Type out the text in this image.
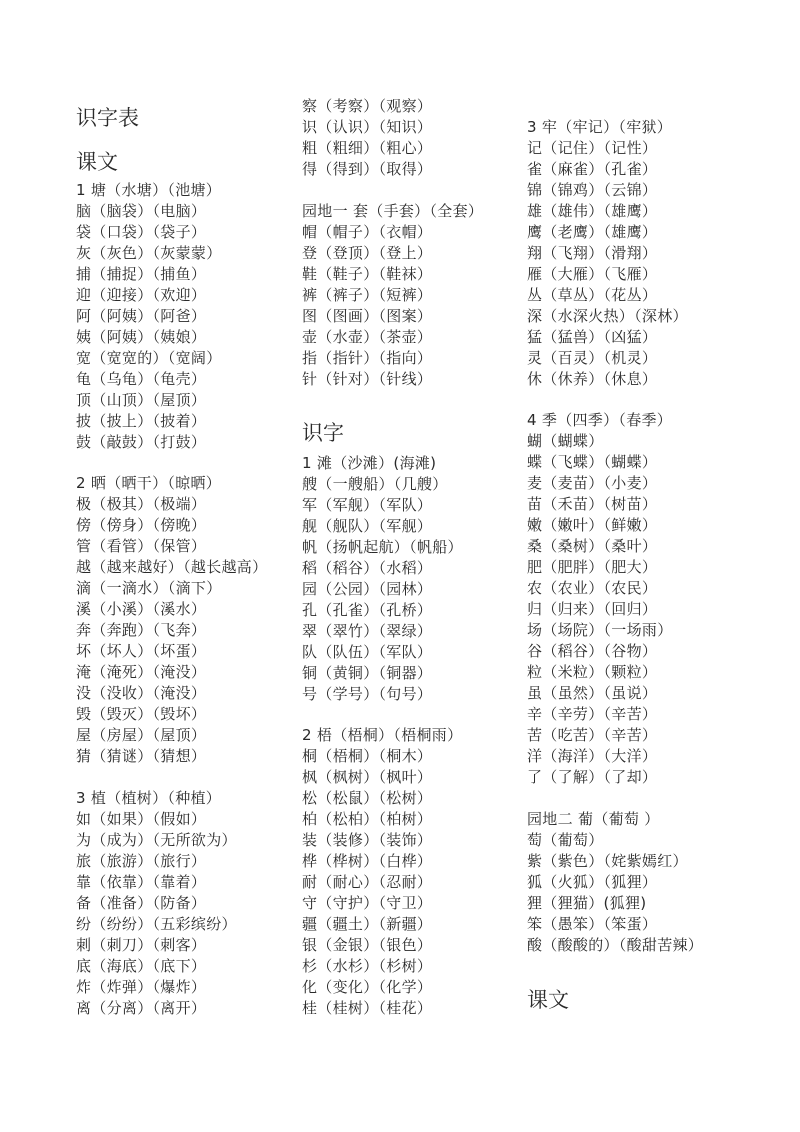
识字表
课文
1 塘（水塘）（池塘）
脑（脑袋）（电脑）
袋（口袋）（袋子）
灰（灰色）（灰蒙蒙）
捕（捕捉）（捕鱼）
迎（迎接）（欢迎）
阿（阿姨）（阿爸）
姨（阿姨）（姨娘）
宽（宽宽的）（宽阔）
龟（乌龟）（龟壳）
顶（山顶）（屋顶）
披（披上）（披着）
鼓（敲鼓）（打鼓）
2 晒（晒干）（晾晒）
极（极其）（极端）
傍（傍身）（傍晚）
管（看管）（保管）
越（越来越好）（越长越高）
滴（一滴水）（滴下）
溪（小溪）（溪水）
奔（奔跑）（飞奔）
坏（坏人）（坏蛋）
淹（淹死）（淹没）
没（没收）（淹没）
毁（毁灭）（毁坏）
屋（房屋）（屋顶）
猜（猜谜）（猜想）
3 植（植树）（种植）
如（如果）（假如）
为（成为）（无所欲为）
旅（旅游）（旅行）
靠（依靠）（靠着）
备（准备）（防备）
纷（纷纷）（五彩缤纷）
刺（刺刀）（刺客）
底（海底）（底下）
炸（炸弹）（爆炸）
离（分离）（离开）
察（考察）（观察）
识（认识）（知识）
粗（粗细）（粗心）
得（得到）（取得）
园地一 套（手套）（全套）
帽（帽子）（衣帽）
登（登顶）（登上）
鞋（鞋子）（鞋袜）
裤（裤子）（短裤）
图（图画）（图案）
壶（水壶）（茶壶）
指（指针）（指向）
针（针对）（针线）
识字
1 滩（沙滩）(海滩)
艘（一艘船）（几艘）
军（军舰）（军队）
舰（舰队）（军舰）
帆（扬帆起航）（帆船）
稻（稻谷）（水稻）
园（公园）（园林）
孔（孔雀）（孔桥）
翠（翠竹）（翠绿）
队（队伍）（军队）
铜（黄铜）（铜器）
号（学号）（句号）
2 梧（梧桐）（梧桐雨）
桐（梧桐）（桐木）
枫（枫树）（枫叶）
松（松鼠）（松树）
柏（松柏）（柏树）
装（装修）（装饰）
桦（桦树）（白桦）
耐（耐心）（忍耐）
守（守护）（守卫）
疆（疆土）（新疆）
银（金银）（银色）
杉（水杉）（杉树）
化（变化）（化学）
桂（桂树）（桂花）
3 牢（牢记）（牢狱）
记（记住）（记性）
雀（麻雀）（孔雀）
锦（锦鸡）（云锦）
雄（雄伟）（雄鹰）
鹰（老鹰）（雄鹰）
翔（飞翔）（滑翔）
雁（大雁）（飞雁）
丛（草丛）（花丛）
深（水深火热）（深林）
猛（猛兽）（凶猛）
灵（百灵）（机灵）
休（休养）（休息）
4 季（四季）（春季）
蝴（蝴蝶）
蝶（飞蝶）（蝴蝶）
麦（麦苗）（小麦）
苗（禾苗）（树苗）
嫩（嫩叶）（鲜嫩）
桑（桑树）（桑叶）
肥（肥胖）（肥大）
农（农业）（农民）
归（归来）（回归）
场（场院）（一场雨）
谷（稻谷）（谷物）
粒（米粒）（颗粒）
虽（虽然）（虽说）
辛（辛劳）（辛苦）
苦（吃苦）（辛苦）
洋（海洋）（大洋）
了（了解）（了却）
园地二 葡（葡萄 ）
萄（葡萄）
紫（紫色）（姹紫嫣红）
狐（火狐）（狐狸）
狸（狸猫）(狐狸)
笨（愚笨）（笨蛋）
酸（酸酸的）（酸甜苦辣）
课文
